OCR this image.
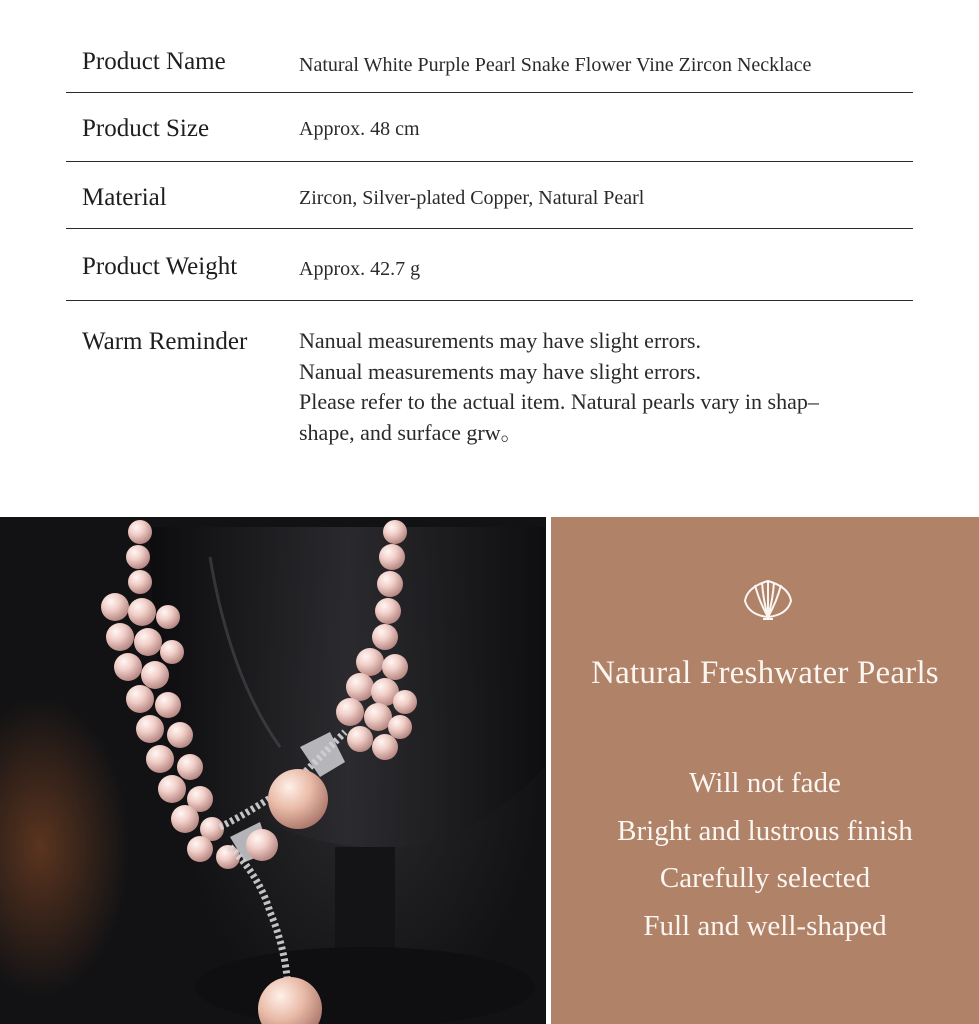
Product Name	Natural White Purple Pearl Snake Flower Vine Zircon Necklace
Product Size	Approx. 48 cm
Material	Zircon, Silver-plated Copper, Natural Pearl
Product Weight	Approx. 42.7 g
Warm Reminder Nanual measurements may have slight errors.
Nanual measurements may have slight errors.
Please refer to the actual item. Natural pearls vary in shap–
shape, and surface grw。
Natural Freshwater Pearls
Will not fade
Bright and lustrous finish
Carefully selected
Full and well-shaped
